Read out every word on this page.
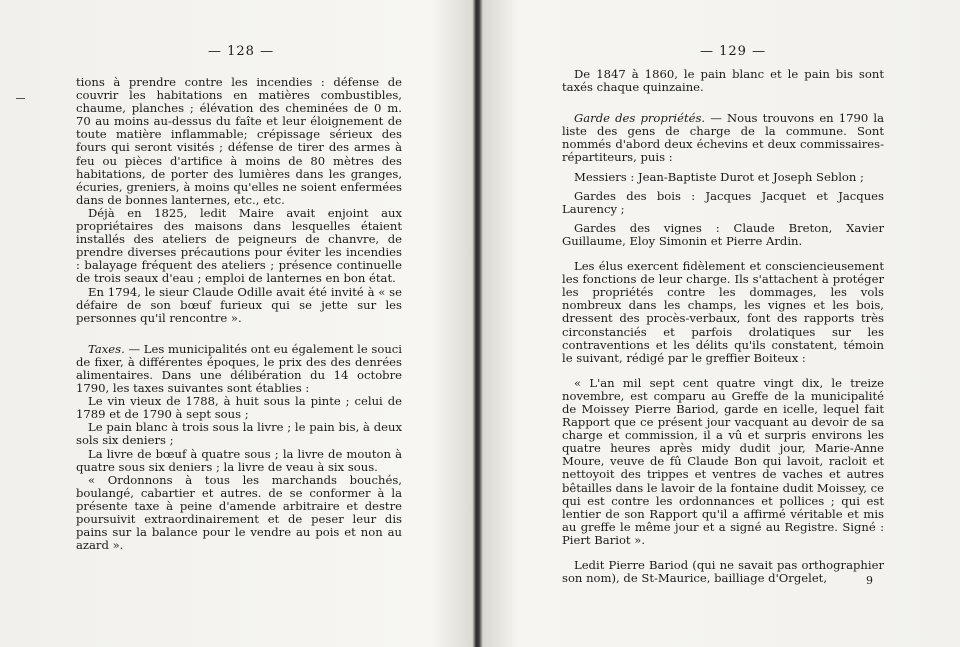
— 128 —

tions à prendre contre les incendies : défense de couvrir les habitations en matières combustibles, chaume, planches ; élévation des cheminées de 0 m. 70 au moins au-dessus du faîte et leur éloignement de toute matière inflammable; crépissage sérieux des fours qui seront visités ; défense de tirer des armes à feu ou pièces d'artifice à moins de 80 mètres des habitations, de porter des lumières dans les granges, écuries, greniers, à moins qu'elles ne soient enfermées dans de bonnes lanternes, etc., etc.

Déjà en 1825, ledit Maire avait enjoint aux propriétaires des maisons dans lesquelles étaient installés des ateliers de peigneurs de chanvre, de prendre diverses précautions pour éviter les incendies : balayage fréquent des ateliers ; présence continuelle de trois seaux d'eau ; emploi de lanternes en bon état.

En 1794, le sieur Claude Odille avait été invité à « se défaire de son bœuf furieux qui se jette sur les personnes qu'il rencontre ».

Taxes. — Les municipalités ont eu également le souci de fixer, à différentes époques, le prix des des denrées alimentaires. Dans une délibération du 14 octobre 1790, les taxes suivantes sont établies :

Le vin vieux de 1788, à huit sous la pinte ; celui de 1789 et de 1790 à sept sous ;

Le pain blanc à trois sous la livre ; le pain bis, à deux sols six deniers ;

La livre de bœuf à quatre sous ; la livre de mouton à quatre sous six deniers ; la livre de veau à six sous.

« Ordonnons à tous les marchands bouchés, boulangé, cabartier et autres. de se conformer à la présente taxe à peine d'amende arbitraire et destre poursuivit extraordinairement et de peser leur dis pains sur la balance pour le vendre au pois et non au azard ».

— 129 —

De 1847 à 1860, le pain blanc et le pain bis sont taxés chaque quinzaine.

Garde des propriétés. — Nous trouvons en 1790 la liste des gens de charge de la commune. Sont nommés d'abord deux échevins et deux commissaires-répartiteurs, puis :

Messiers : Jean-Baptiste Durot et Joseph Seblon ;

Gardes des bois : Jacques Jacquet et Jacques Laurency ;

Gardes des vignes : Claude Breton, Xavier Guillaume, Eloy Simonin et Pierre Ardin.

Les élus exercent fidèlement et consciencieusement les fonctions de leur charge. Ils s'attachent à protéger les propriétés contre les dommages, les vols nombreux dans les champs, les vignes et les bois, dressent des procès-verbaux, font des rapports très circonstanciés et parfois drolatiques sur les contraventions et les délits qu'ils constatent, témoin le suivant, rédigé par le greffier Boiteux :

« L'an mil sept cent quatre vingt dix, le treize novembre, est comparu au Greffe de la municipalité de Moissey Pierre Bariod, garde en icelle, lequel fait Rapport que ce présent jour vacquant au devoir de sa charge et commission, il a vû et surpris environs les quatre heures après midy dudit jour, Marie-Anne Moure, veuve de fû Claude Bon qui lavoit, racloit et nettoyoit des trippes et ventres de vaches et autres bêtailles dans le lavoir de la fontaine dudit Moissey, ce qui est contre les ordonnances et pollices ; qui est lentier de son Rapport qu'il a affirmé véritable et mis au greffe le même jour et a signé au Registre. Signé : Piert Bariot ».

Ledit Pierre Bariod (qui ne savait pas orthographier son nom), de St-Maurice, bailliage d'Orgelet,	9
